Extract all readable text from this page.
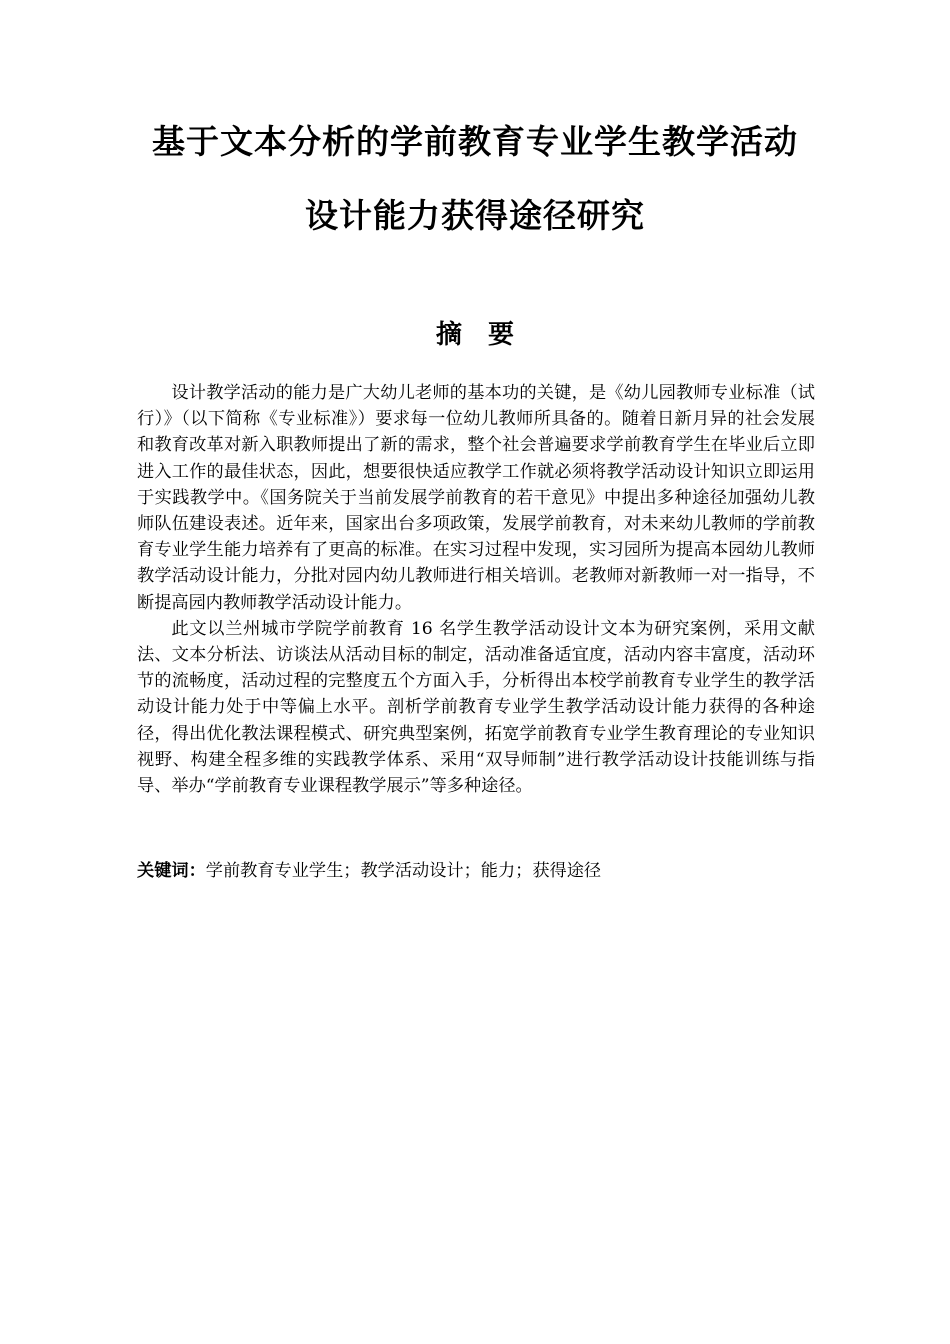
基于文本分析的学前教育专业学生教学活动
设计能力获得途径研究
摘　要

设计教学活动的能力是广大幼儿老师的基本功的关键，是《幼儿园教师专业标准（试行）》（以下简称《专业标准》）要求每一位幼儿教师所具备的。随着日新月异的社会发展和教育改革对新入职教师提出了新的需求，整个社会普遍要求学前教育学生在毕业后立即进入工作的最佳状态，因此，想要很快适应教学工作就必须将教学活动设计知识立即运用于实践教学中。《国务院关于当前发展学前教育的若干意见》中提出多种途径加强幼儿教师队伍建设表述。近年来，国家出台多项政策，发展学前教育，对未来幼儿教师的学前教育专业学生能力培养有了更高的标准。在实习过程中发现，实习园所为提高本园幼儿教师教学活动设计能力，分批对园内幼儿教师进行相关培训。老教师对新教师一对一指导，不断提高园内教师教学活动设计能力。

此文以兰州城市学院学前教育 16 名学生教学活动设计文本为研究案例，采用文献法、文本分析法、访谈法从活动目标的制定，活动准备适宜度，活动内容丰富度，活动环节的流畅度，活动过程的完整度五个方面入手，分析得出本校学前教育专业学生的教学活动设计能力处于中等偏上水平。剖析学前教育专业学生教学活动设计能力获得的各种途径，得出优化教法课程模式、研究典型案例，拓宽学前教育专业学生教育理论的专业知识视野、构建全程多维的实践教学体系、采用“双导师制”进行教学活动设计技能训练与指导、举办“学前教育专业课程教学展示”等多种途径。

关键词：学前教育专业学生；教学活动设计；能力；获得途径
